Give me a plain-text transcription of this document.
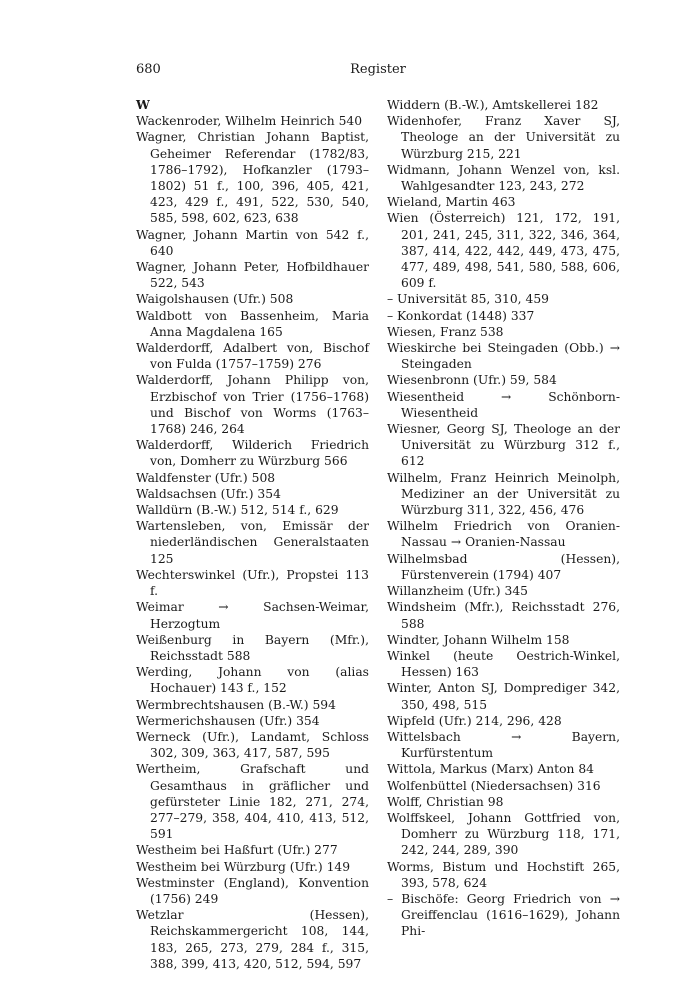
680	Register

W

Wackenroder, Wilhelm Heinrich 540

Wagner, Christian Johann Baptist, Geheimer Referendar (1782/83, 1786–1792), Hofkanzler (1793–1802) 51 f., 100, 396, 405, 421, 423, 429 f., 491, 522, 530, 540, 585, 598, 602, 623, 638

Wagner, Johann Martin von 542 f., 640

Wagner, Johann Peter, Hofbildhauer 522, 543

Waigolshausen (Ufr.) 508

Waldbott von Bassenheim, Maria Anna Magdalena 165

Walderdorff, Adalbert von, Bischof von Fulda (1757–1759) 276

Walderdorff, Johann Philipp von, Erzbischof von Trier (1756–1768) und Bischof von Worms (1763–1768) 246, 264

Walderdorff, Wilderich Friedrich von, Domherr zu Würzburg 566

Waldfenster (Ufr.) 508

Waldsachsen (Ufr.) 354

Walldürn (B.-W.) 512, 514 f., 629

Wartensleben, von, Emissär der niederländischen Generalstaaten 125

Wechterswinkel (Ufr.), Propstei 113 f.

Weimar → Sachsen-Weimar, Herzogtum

Weißenburg in Bayern (Mfr.), Reichsstadt 588

Werding, Johann von (alias Hochauer) 143 f., 152

Wermbrechtshausen (B.-W.) 594

Wermerichshausen (Ufr.) 354

Werneck (Ufr.), Landamt, Schloss 302, 309, 363, 417, 587, 595

Wertheim, Grafschaft und Gesamthaus in gräflicher und gefürsteter Linie 182, 271, 274, 277–279, 358, 404, 410, 413, 512, 591

Westheim bei Haßfurt (Ufr.) 277

Westheim bei Würzburg (Ufr.) 149

Westminster (England), Konvention (1756) 249

Wetzlar (Hessen), Reichskammergericht 108, 144, 183, 265, 273, 279, 284 f., 315, 388, 399, 413, 420, 512, 594, 597

Widdern (B.-W.), Amtskellerei 182

Widenhofer, Franz Xaver SJ, Theologe an der Universität zu Würzburg 215, 221

Widmann, Johann Wenzel von, ksl. Wahlgesandter 123, 243, 272

Wieland, Martin 463

Wien (Österreich) 121, 172, 191, 201, 241, 245, 311, 322, 346, 364, 387, 414, 422, 442, 449, 473, 475, 477, 489, 498, 541, 580, 588, 606, 609 f.

– Universität 85, 310, 459

– Konkordat (1448) 337

Wiesen, Franz 538

Wieskirche bei Steingaden (Obb.) → Steingaden

Wiesenbronn (Ufr.) 59, 584

Wiesentheid → Schönborn-Wiesentheid

Wiesner, Georg SJ, Theologe an der Universität zu Würzburg 312 f., 612

Wilhelm, Franz Heinrich Meinolph, Mediziner an der Universität zu Würzburg 311, 322, 456, 476

Wilhelm Friedrich von Oranien-Nassau → Oranien-Nassau

Wilhelmsbad (Hessen), Fürstenverein (1794) 407

Willanzheim (Ufr.) 345

Windsheim (Mfr.), Reichsstadt 276, 588

Windter, Johann Wilhelm 158

Winkel (heute Oestrich-Winkel, Hessen) 163

Winter, Anton SJ, Domprediger 342, 350, 498, 515

Wipfeld (Ufr.) 214, 296, 428

Wittelsbach → Bayern, Kurfürstentum

Wittola, Markus (Marx) Anton 84

Wolfenbüttel (Niedersachsen) 316

Wolff, Christian 98

Wolffskeel, Johann Gottfried von, Domherr zu Würzburg 118, 171, 242, 244, 289, 390

Worms, Bistum und Hochstift 265, 393, 578, 624

– Bischöfe: Georg Friedrich von → Greiffenclau (1616–1629), Johann Phi-
